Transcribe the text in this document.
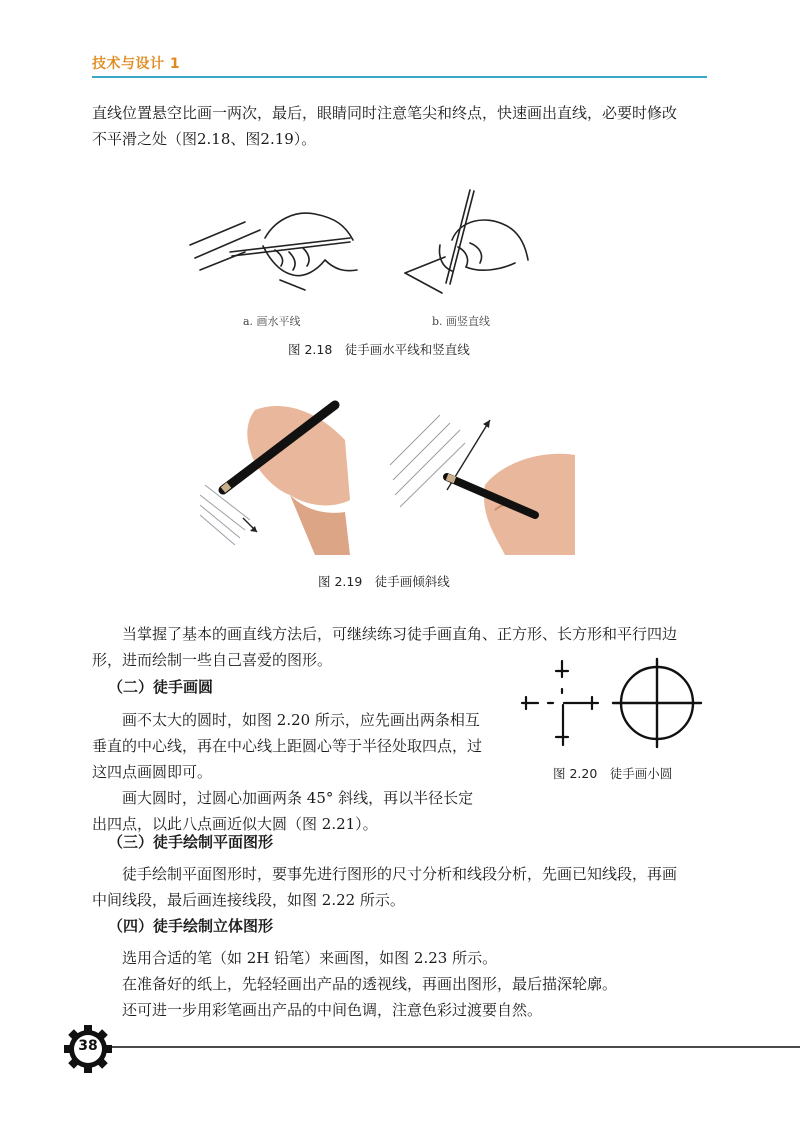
技术与设计 1
直线位置悬空比画一两次，最后，眼睛同时注意笔尖和终点，快速画出直线，必要时修改
不平滑之处（图2.18、图2.19）。
a. 画水平线	b. 画竖直线
图 2.18　徒手画水平线和竖直线
图 2.19　徒手画倾斜线
当掌握了基本的画直线方法后，可继续练习徒手画直角、正方形、长方形和平行四边
形，进而绘制一些自己喜爱的图形。
（二）徒手画圆
画不太大的圆时，如图 2.20 所示，应先画出两条相互
垂直的中心线，再在中心线上距圆心等于半径处取四点，过
这四点画圆即可。
画大圆时，过圆心加画两条 45° 斜线，再以半径长定
出四点，以此八点画近似大圆（图 2.21）。
图 2.20　徒手画小圆
（三）徒手绘制平面图形
徒手绘制平面图形时，要事先进行图形的尺寸分析和线段分析，先画已知线段，再画
中间线段，最后画连接线段，如图 2.22 所示。
（四）徒手绘制立体图形
选用合适的笔（如 2H 铅笔）来画图，如图 2.23 所示。
在准备好的纸上，先轻轻画出产品的透视线，再画出图形，最后描深轮廓。
还可进一步用彩笔画出产品的中间色调，注意色彩过渡要自然。
38
